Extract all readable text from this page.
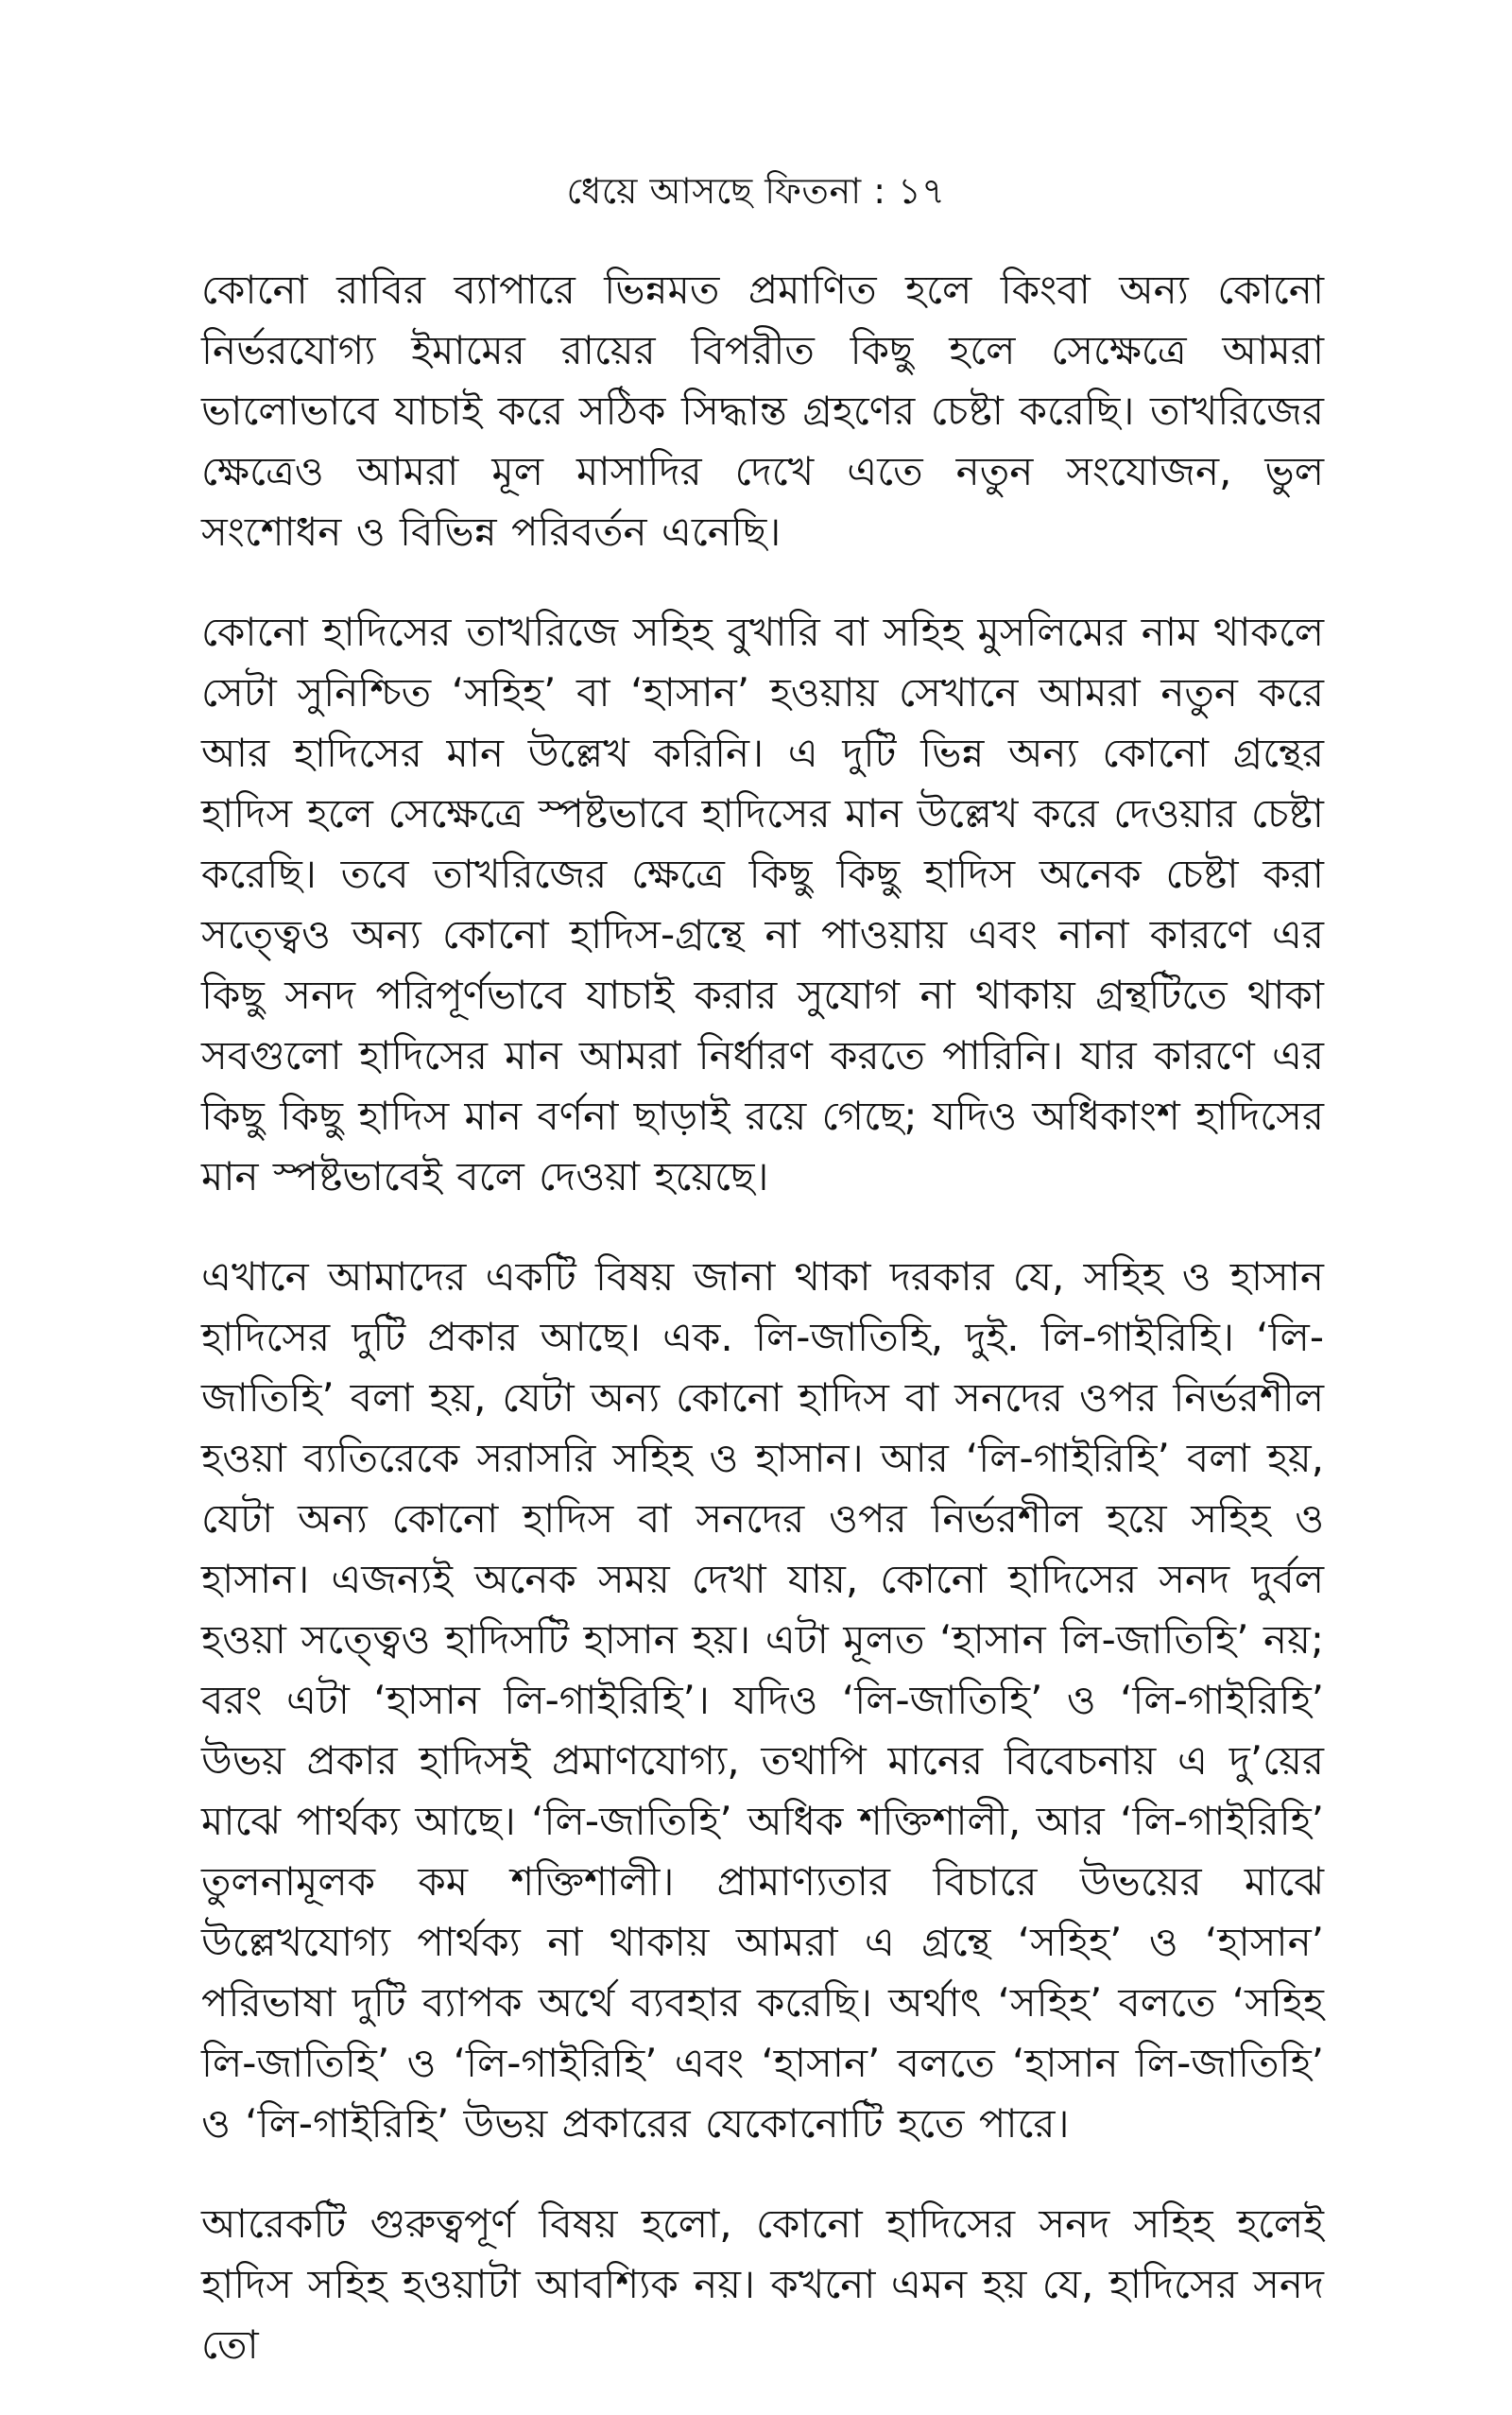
ধেয়ে আসছে ফিতনা : ১৭

কোনো রাবির ব্যাপারে ভিন্নমত প্রমাণিত হলে কিংবা অন্য কোনো নির্ভরযোগ্য ইমামের রায়ের বিপরীত কিছু হলে সেক্ষেত্রে আমরা ভালোভাবে যাচাই করে সঠিক সিদ্ধান্ত গ্রহণের চেষ্টা করেছি। তাখরিজের ক্ষেত্রেও আমরা মূল মাসাদির দেখে এতে নতুন সংযোজন, ভুল সংশোধন ও বিভিন্ন পরিবর্তন এনেছি।

কোনো হাদিসের তাখরিজে সহিহ বুখারি বা সহিহ মুসলিমের নাম থাকলে সেটা সুনিশ্চিত ‘সহিহ’ বা ‘হাসান’ হওয়ায় সেখানে আমরা নতুন করে আর হাদিসের মান উল্লেখ করিনি। এ দুটি ভিন্ন অন্য কোনো গ্রন্থের হাদিস হলে সেক্ষেত্রে স্পষ্টভাবে হাদিসের মান উল্লেখ করে দেওয়ার চেষ্টা করেছি। তবে তাখরিজের ক্ষেত্রে কিছু কিছু হাদিস অনেক চেষ্টা করা সত্ত্বেও অন্য কোনো হাদিস-গ্রন্থে না পাওয়ায় এবং নানা কারণে এর কিছু সনদ পরিপূর্ণভাবে যাচাই করার সুযোগ না থাকায় গ্রন্থটিতে থাকা সবগুলো হাদিসের মান আমরা নির্ধারণ করতে পারিনি। যার কারণে এর কিছু কিছু হাদিস মান বর্ণনা ছাড়াই রয়ে গেছে; যদিও অধিকাংশ হাদিসের মান স্পষ্টভাবেই বলে দেওয়া হয়েছে।

এখানে আমাদের একটি বিষয় জানা থাকা দরকার যে, সহিহ ও হাসান হাদিসের দুটি প্রকার আছে। এক. লি-জাতিহি, দুই. লি-গাইরিহি। ‘লি-জাতিহি’ বলা হয়, যেটা অন্য কোনো হাদিস বা সনদের ওপর নির্ভরশীল হওয়া ব্যতিরেকে সরাসরি সহিহ ও হাসান। আর ‘লি-গাইরিহি’ বলা হয়, যেটা অন্য কোনো হাদিস বা সনদের ওপর নির্ভরশীল হয়ে সহিহ ও হাসান। এজন্যই অনেক সময় দেখা যায়, কোনো হাদিসের সনদ দুর্বল হওয়া সত্ত্বেও হাদিসটি হাসান হয়। এটা মূলত ‘হাসান লি-জাতিহি’ নয়; বরং এটা ‘হাসান লি-গাইরিহি’। যদিও ‘লি-জাতিহি’ ও ‘লি-গাইরিহি’ উভয় প্রকার হাদিসই প্রমাণযোগ্য, তথাপি মানের বিবেচনায় এ দু’য়ের মাঝে পার্থক্য আছে। ‘লি-জাতিহি’ অধিক শক্তিশালী, আর ‘লি-গাইরিহি’ তুলনামূলক কম শক্তিশালী। প্রামাণ্যতার বিচারে উভয়ের মাঝে উল্লেখযোগ্য পার্থক্য না থাকায় আমরা এ গ্রন্থে ‘সহিহ’ ও ‘হাসান’ পরিভাষা দুটি ব্যাপক অর্থে ব্যবহার করেছি। অর্থাৎ ‘সহিহ’ বলতে ‘সহিহ লি-জাতিহি’ ও ‘লি-গাইরিহি’ এবং ‘হাসান’ বলতে ‘হাসান লি-জাতিহি’ ও ‘লি-গাইরিহি’ উভয় প্রকারের যেকোনোটি হতে পারে।

আরেকটি গুরুত্বপূর্ণ বিষয় হলো, কোনো হাদিসের সনদ সহিহ হলেই হাদিস সহিহ হওয়াটা আবশ্যিক নয়। কখনো এমন হয় যে, হাদিসের সনদ তো
